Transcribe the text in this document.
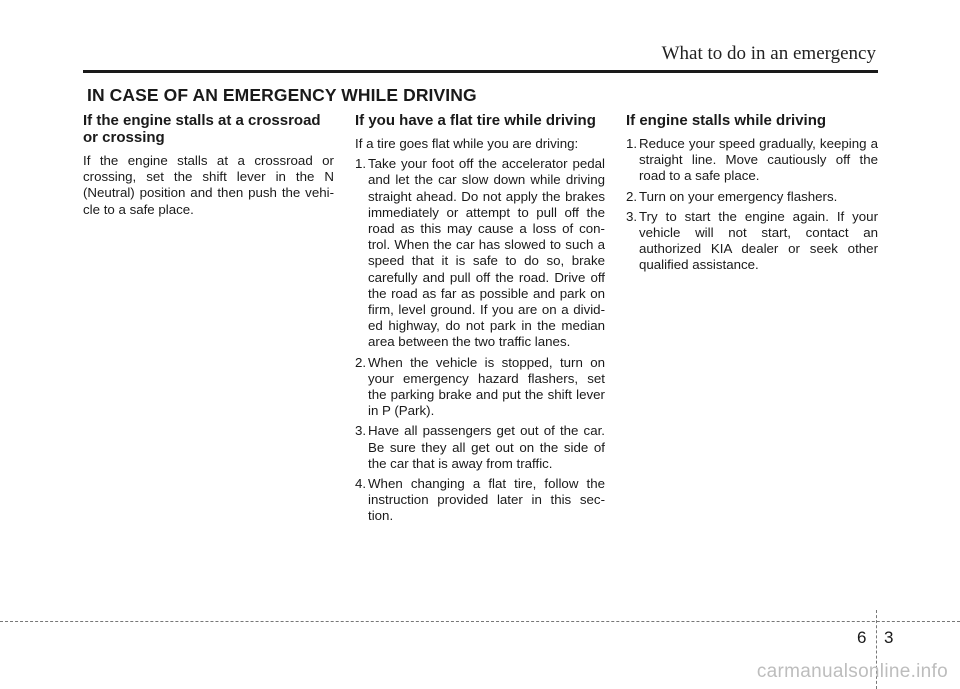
What to do in an emergency
IN CASE OF AN EMERGENCY WHILE DRIVING
If the engine stalls at a crossroad or crossing

If the engine stalls at a crossroad or crossing, set the shift lever in the N (Neutral) position and then push the vehi-cle to a safe place.

If you have a flat tire while driving

If a tire goes flat while you are driving:

1. Take your foot off the accelerator pedal and let the car slow down while driving straight ahead. Do not apply the brakes immediately or attempt to pull off the road as this may cause a loss of con-trol. When the car has slowed to such a speed that it is safe to do so, brake carefully and pull off the road. Drive off the road as far as possible and park on firm, level ground. If you are on a divid-ed highway, do not park in the median area between the two traffic lanes.
2. When the vehicle is stopped, turn on your emergency hazard flashers, set the parking brake and put the shift lever in P (Park).
3. Have all passengers get out of the car. Be sure they all get out on the side of the car that is away from traffic.
4. When changing a flat tire, follow the instruction provided later in this sec-tion.
If engine stalls while driving
1. Reduce your speed gradually, keeping a straight line. Move cautiously off the road to a safe place.
2. Turn on your emergency flashers.
3. Try to start the engine again. If your vehicle will not start, contact an authorized KIA dealer or seek other qualified assistance.
6 3
carmanualsonline.info
